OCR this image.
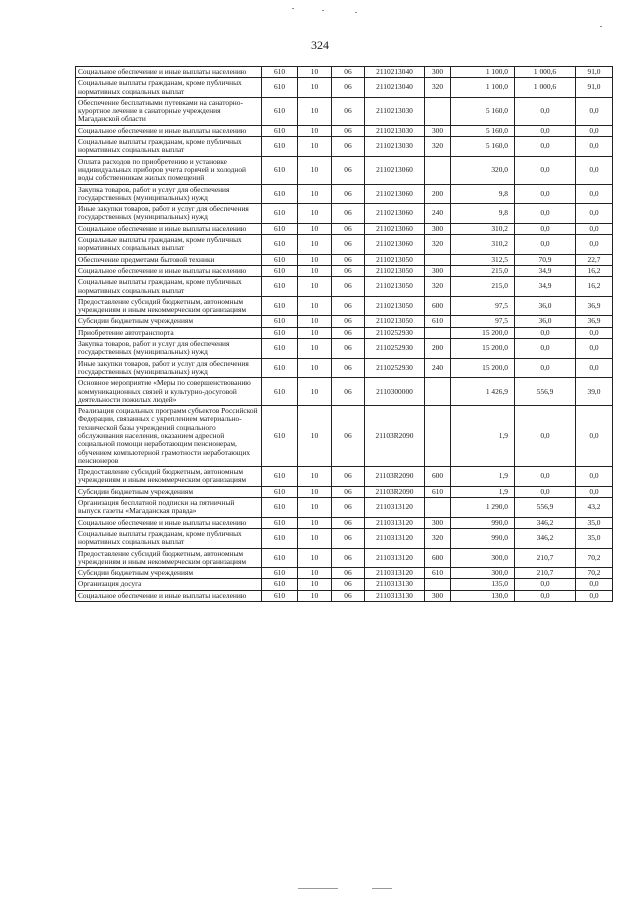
324
Социальное обеспечение и иные выплаты населению	610	10	06	2110213040	300	1 100,0	1 000,6	91,0
Социальные выплаты гражданам, кроме публичных нормативных социальных выплат	610	10	06	2110213040	320	1 100,0	1 000,6	91,0
Обеспечение бесплатными путевками на санаторно-курортное лечение в санаторные учреждения Магаданской области	610	10	06	2110213030		5 160,0	0,0	0,0
Социальное обеспечение и иные выплаты населению	610	10	06	2110213030	300	5 160,0	0,0	0,0
Социальные выплаты гражданам, кроме публичных нормативных социальных выплат	610	10	06	2110213030	320	5 160,0	0,0	0,0
Оплата расходов по приобретению и установке индивидуальных приборов учета горячей и холодной воды собственникам жилых помещений	610	10	06	2110213060		320,0	0,0	0,0
Закупка товаров, работ и услуг для обеспечения государственных (муниципальных) нужд	610	10	06	2110213060	200	9,8	0,0	0,0
Иные закупки товаров, работ и услуг для обеспечения государственных (муниципальных) нужд	610	10	06	2110213060	240	9,8	0,0	0,0
Социальное обеспечение и иные выплаты населению	610	10	06	2110213060	300	310,2	0,0	0,0
Социальные выплаты гражданам, кроме публичных нормативных социальных выплат	610	10	06	2110213060	320	310,2	0,0	0,0
Обеспечение предметами бытовой техники	610	10	06	2110213050		312,5	70,9	22,7
Социальное обеспечение и иные выплаты населению	610	10	06	2110213050	300	215,0	34,9	16,2
Социальные выплаты гражданам, кроме публичных нормативных социальных выплат	610	10	06	2110213050	320	215,0	34,9	16,2
Предоставление субсидий бюджетным, автономным учреждениям и иным некоммерческим организациям	610	10	06	2110213050	600	97,5	36,0	36,9
Субсидии бюджетным учреждениям	610	10	06	2110213050	610	97,5	36,0	36,9
Приобретение автотранспорта	610	10	06	2110252930		15 200,0	0,0	0,0
Закупка товаров, работ и услуг для обеспечения государственных (муниципальных) нужд	610	10	06	2110252930	200	15 200,0	0,0	0,0
Иные закупки товаров, работ и услуг для обеспечения государственных (муниципальных) нужд	610	10	06	2110252930	240	15 200,0	0,0	0,0
Основное мероприятие «Меры по совершенствованию коммуникационных связей и культурно-досуговой деятельности пожилых людей»	610	10	06	2110300000		1 426,9	556,9	39,0
Реализация социальных программ субъектов Российской Федерации, связанных с укреплением материально-технической базы учреждений социального обслуживания населения, оказанием адресной социальной помощи неработающим пенсионерам, обучением компьютерной грамотности неработающих пенсионеров	610	10	06	21103R2090		1,9	0,0	0,0
Предоставление субсидий бюджетным, автономным учреждениям и иным некоммерческим организациям	610	10	06	21103R2090	600	1,9	0,0	0,0
Субсидии бюджетным учреждениям	610	10	06	21103R2090	610	1,9	0,0	0,0
Организация бесплатной подписки на пятничный выпуск газеты «Магаданская правда»	610	10	06	2110313120		1 290,0	556,9	43,2
Социальное обеспечение и иные выплаты населению	610	10	06	2110313120	300	990,0	346,2	35,0
Социальные выплаты гражданам, кроме публичных нормативных социальных выплат	610	10	06	2110313120	320	990,0	346,2	35,0
Предоставление субсидий бюджетным, автономным учреждениям и иным некоммерческим организациям	610	10	06	2110313120	600	300,0	210,7	70,2
Субсидии бюджетным учреждениям	610	10	06	2110313120	610	300,0	210,7	70,2
Организация досуга	610	10	06	2110313130		135,0	0,0	0,0
Социальное обеспечение и иные выплаты населению	610	10	06	2110313130	300	130,0	0,0	0,0
